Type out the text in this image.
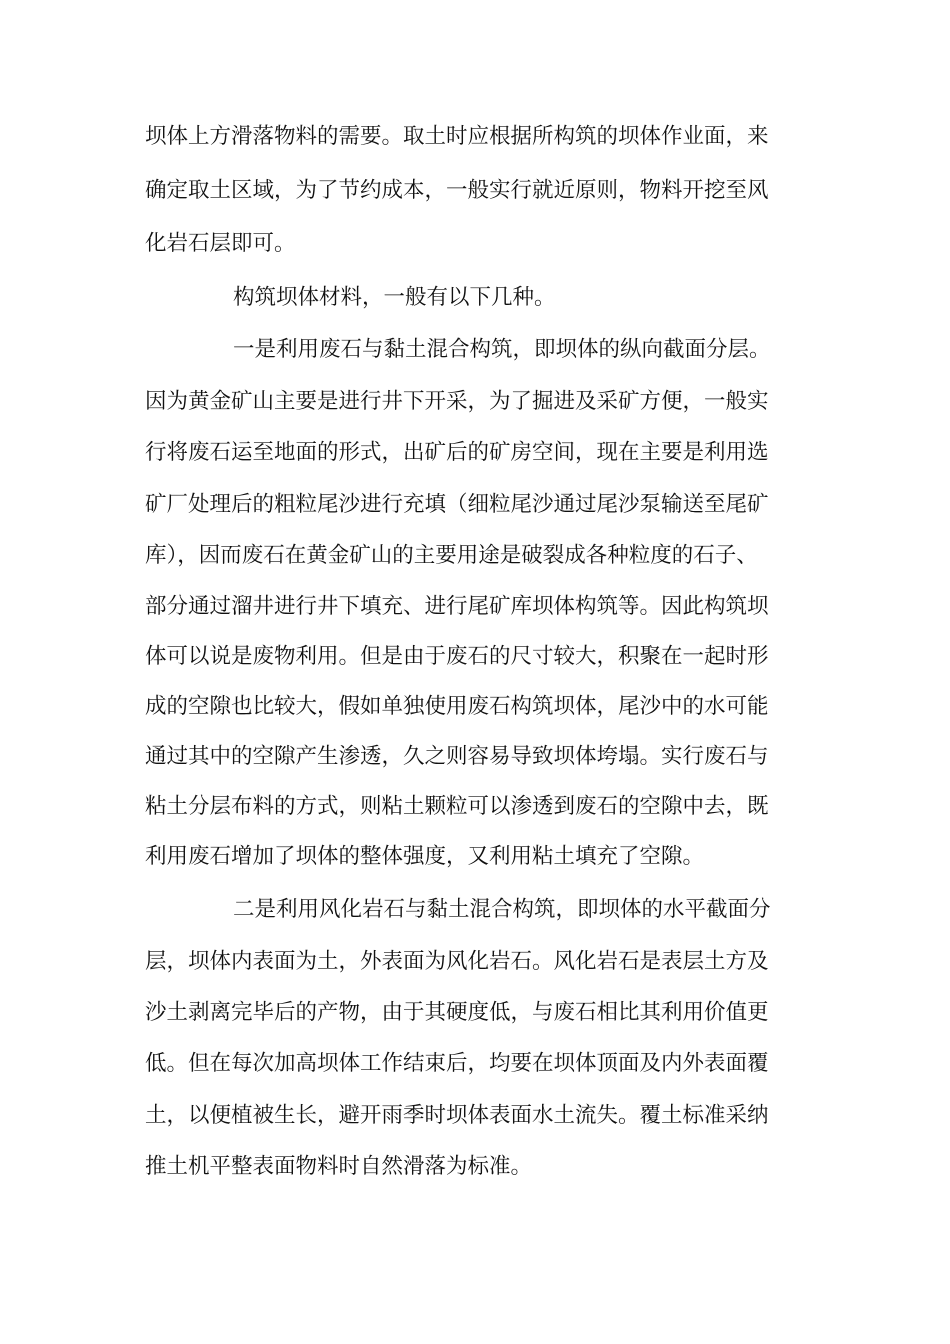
坝体上方滑落物料的需要。取土时应根据所构筑的坝体作业面，来
确定取土区域，为了节约成本，一般实行就近原则，物料开挖至风
化岩石层即可。
构筑坝体材料，一般有以下几种。
一是利用废石与黏土混合构筑，即坝体的纵向截面分层。
因为黄金矿山主要是进行井下开采，为了掘进及采矿方便，一般实
行将废石运至地面的形式，出矿后的矿房空间，现在主要是利用选
矿厂处理后的粗粒尾沙进行充填（细粒尾沙通过尾沙泵输送至尾矿
库），因而废石在黄金矿山的主要用途是破裂成各种粒度的石子、
部分通过溜井进行井下填充、进行尾矿库坝体构筑等。因此构筑坝
体可以说是废物利用。但是由于废石的尺寸较大，积聚在一起时形
成的空隙也比较大，假如单独使用废石构筑坝体，尾沙中的水可能
通过其中的空隙产生渗透，久之则容易导致坝体垮塌。实行废石与
粘土分层布料的方式，则粘土颗粒可以渗透到废石的空隙中去，既
利用废石增加了坝体的整体强度，又利用粘土填充了空隙。
二是利用风化岩石与黏土混合构筑，即坝体的水平截面分
层，坝体内表面为土，外表面为风化岩石。风化岩石是表层土方及
沙土剥离完毕后的产物，由于其硬度低，与废石相比其利用价值更
低。但在每次加高坝体工作结束后，均要在坝体顶面及内外表面覆
土，以便植被生长，避开雨季时坝体表面水土流失。覆土标准采纳
推土机平整表面物料时自然滑落为标准。
